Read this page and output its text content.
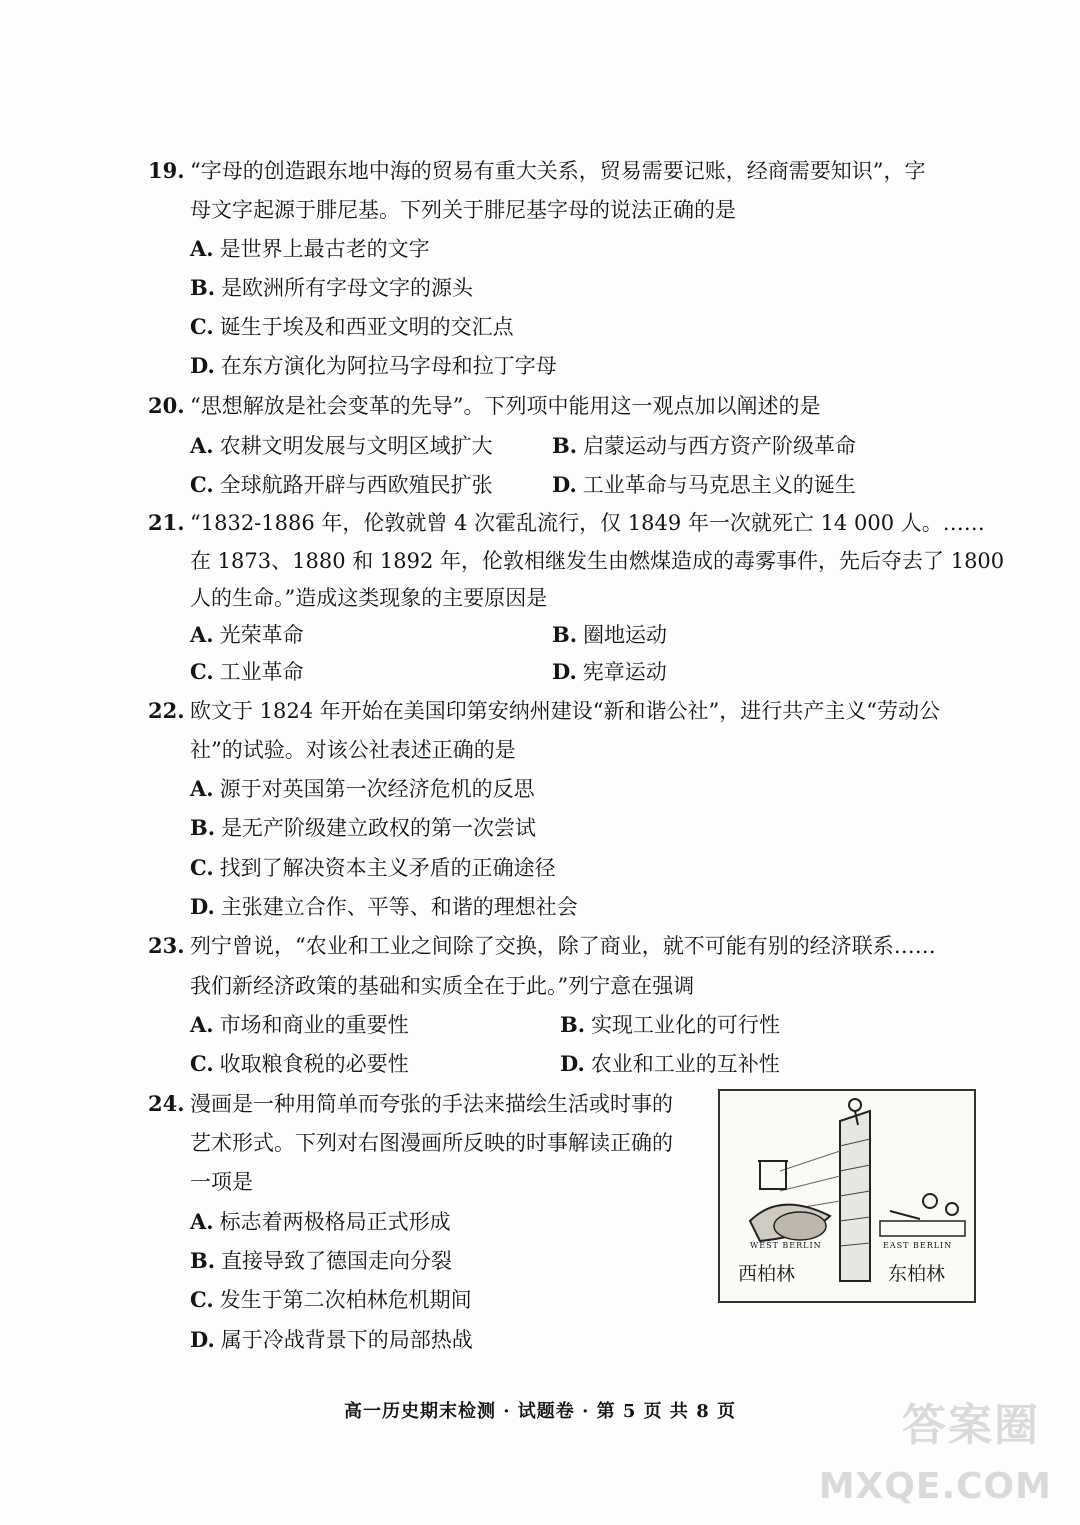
19. “字母的创造跟东地中海的贸易有重大关系，贸易需要记账，经商需要知识”，字
母文字起源于腓尼基。下列关于腓尼基字母的说法正确的是
A. 是世界上最古老的文字
B. 是欧洲所有字母文字的源头
C. 诞生于埃及和西亚文明的交汇点
D. 在东方演化为阿拉马字母和拉丁字母
20. “思想解放是社会变革的先导”。下列项中能用这一观点加以阐述的是
A. 农耕文明发展与文明区域扩大	B. 启蒙运动与西方资产阶级革命
C. 全球航路开辟与西欧殖民扩张	D. 工业革命与马克思主义的诞生
21. “1832-1886 年，伦敦就曾 4 次霍乱流行，仅 1849 年一次就死亡 14 000 人。……
在 1873、1880 和 1892 年，伦敦相继发生由燃煤造成的毒雾事件，先后夺去了 1800
人的生命。”造成这类现象的主要原因是
A. 光荣革命	B. 圈地运动
C. 工业革命	D. 宪章运动
22. 欧文于 1824 年开始在美国印第安纳州建设“新和谐公社”，进行共产主义“劳动公
社”的试验。对该公社表述正确的是
A. 源于对英国第一次经济危机的反思
B. 是无产阶级建立政权的第一次尝试
C. 找到了解决资本主义矛盾的正确途径
D. 主张建立合作、平等、和谐的理想社会
23. 列宁曾说，“农业和工业之间除了交换，除了商业，就不可能有别的经济联系……
我们新经济政策的基础和实质全在于此。”列宁意在强调
A. 市场和商业的重要性	B. 实现工业化的可行性
C. 收取粮食税的必要性	D. 农业和工业的互补性
24. 漫画是一种用简单而夸张的手法来描绘生活或时事的
艺术形式。下列对右图漫画所反映的时事解读正确的
一项是
A. 标志着两极格局正式形成
B. 直接导致了德国走向分裂
C. 发生于第二次柏林危机期间
D. 属于冷战背景下的局部热战
WEST BERLIN	EAST BERLIN
西柏林	东柏林
高一历史期末检测 · 试题卷 · 第 5 页 共 8 页	答案圈
MXQE.COM
